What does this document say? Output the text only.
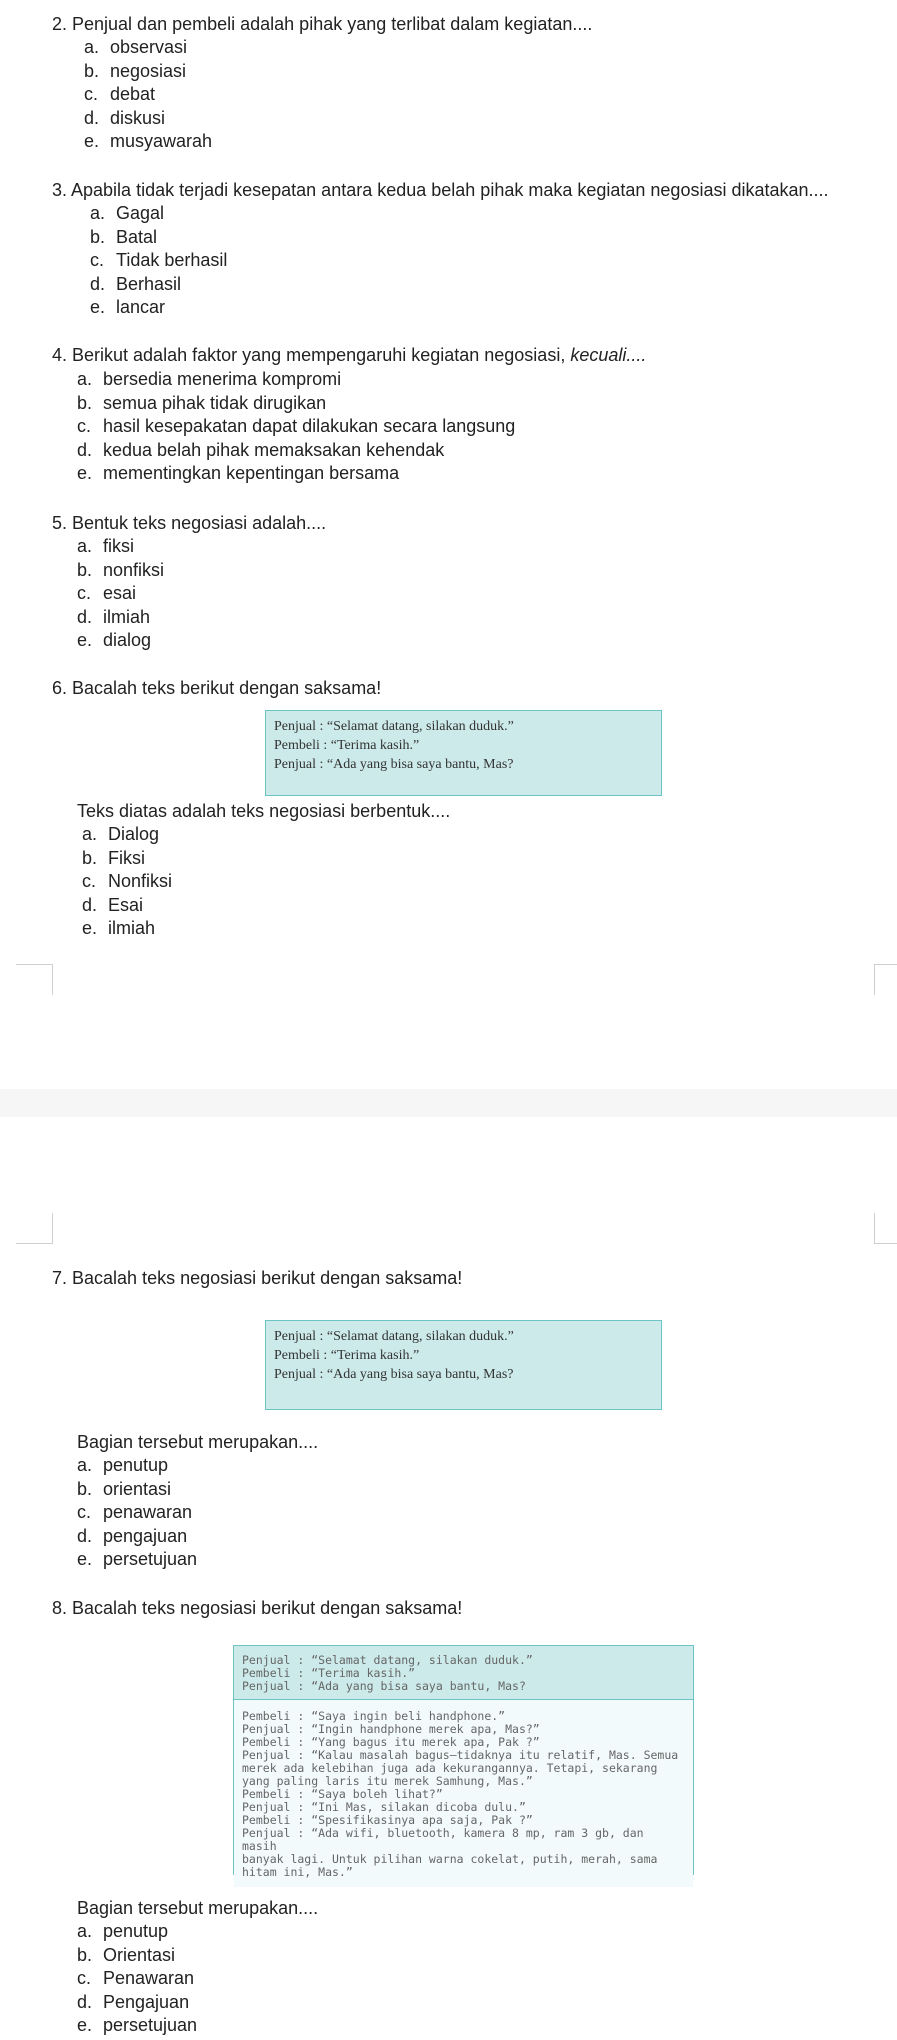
2. Penjual dan pembeli adalah pihak yang terlibat dalam kegiatan....
a. observasi
b. negosiasi
c. debat
d. diskusi
e. musyawarah
3. Apabila tidak terjadi kesepatan antara kedua belah pihak maka kegiatan negosiasi dikatakan....
a. Gagal
b. Batal
c. Tidak berhasil
d. Berhasil
e. lancar
4. Berikut adalah faktor yang mempengaruhi kegiatan negosiasi, kecuali....
a. bersedia menerima kompromi
b. semua pihak tidak dirugikan
c. hasil kesepakatan dapat dilakukan secara langsung
d. kedua belah pihak memaksakan kehendak
e. mementingkan kepentingan bersama
5. Bentuk teks negosiasi adalah....
a. fiksi
b. nonfiksi
c. esai
d. ilmiah
e. dialog
6. Bacalah teks berikut dengan saksama!
Penjual : “Selamat datang, silakan duduk.”
Pembeli : “Terima kasih.”
Penjual : “Ada yang bisa saya bantu, Mas?
Teks diatas adalah teks negosiasi berbentuk....
a. Dialog
b. Fiksi
c. Nonfiksi
d. Esai
e. ilmiah
7. Bacalah teks negosiasi berikut dengan saksama!
Penjual : “Selamat datang, silakan duduk.”
Pembeli : “Terima kasih.”
Penjual : “Ada yang bisa saya bantu, Mas?
Bagian tersebut merupakan....
a. penutup
b. orientasi
c. penawaran
d. pengajuan
e. persetujuan
8. Bacalah teks negosiasi berikut dengan saksama!
Penjual : “Selamat datang, silakan duduk.”
Pembeli : “Terima kasih.”
Penjual : “Ada yang bisa saya bantu, Mas?
Pembeli : “Saya ingin beli handphone.”
Penjual : “Ingin handphone merek apa, Mas?”
Pembeli : “Yang bagus itu merek apa, Pak ?”
Penjual : “Kalau masalah bagus–tidaknya itu relatif, Mas. Semua
merek ada kelebihan juga ada kekurangannya. Tetapi, sekarang
yang paling laris itu merek Samhung, Mas.”
Pembeli : “Saya boleh lihat?”
Penjual : “Ini Mas, silakan dicoba dulu.”
Pembeli : “Spesifikasinya apa saja, Pak ?”
Penjual : “Ada wifi, bluetooth, kamera 8 mp, ram 3 gb, dan masih
banyak lagi. Untuk pilihan warna cokelat, putih, merah, sama
hitam ini, Mas.”
Bagian tersebut merupakan....
a. penutup
b. Orientasi
c. Penawaran
d. Pengajuan
e. persetujuan
